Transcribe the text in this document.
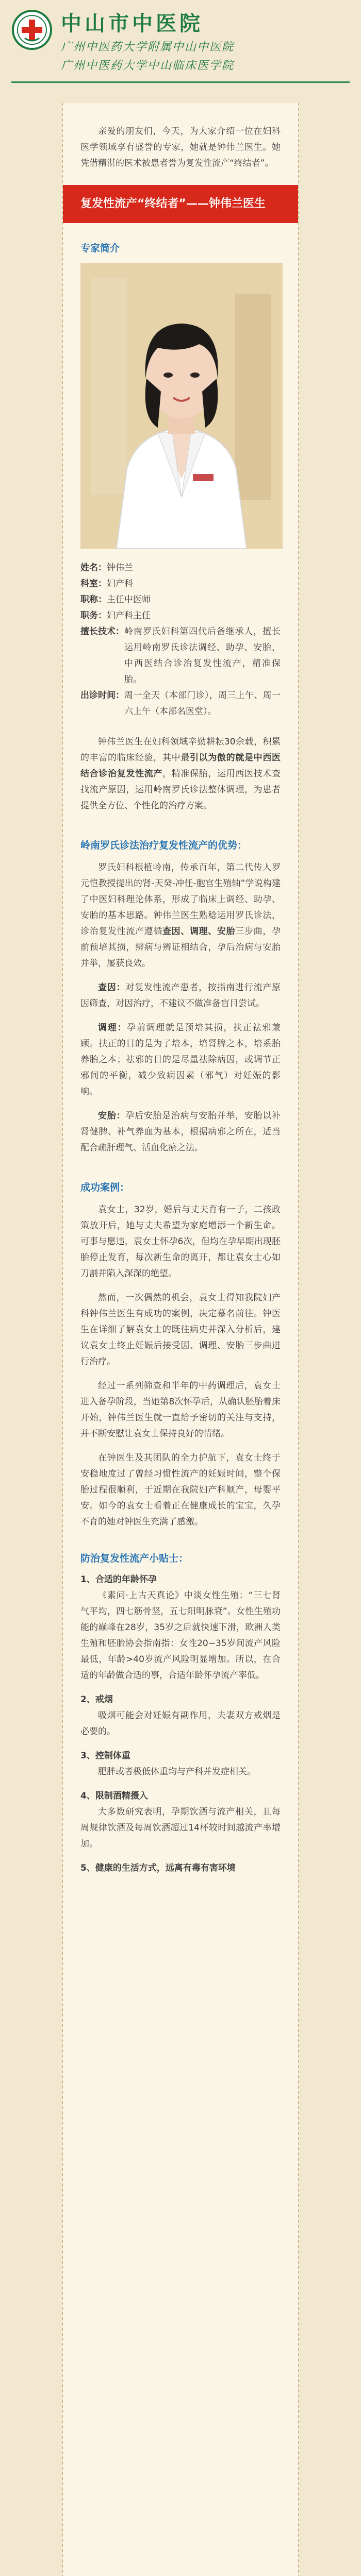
中山市中医院
广州中医药大学附属中山中医院
广州中医药大学中山临床医学院

亲爱的朋友们，今天，为大家介绍一位在妇科医学领域享有盛誉的专家，她就是钟伟兰医生。她凭借精湛的医术被患者誉为复发性流产“终结者”。

复发性流产“终结者”——钟伟兰医生

专家简介

姓名： 钟伟兰
科室： 妇产科
职称： 主任中医师
职务： 妇产科主任
擅长技术： 岭南罗氏妇科第四代后备继承人，擅长运用岭南罗氏诊法调经、助孕、安胎，中西医结合诊治复发性流产，精准保胎。
出诊时间： 周一全天（本部门诊），周三上午、周一六上午（本部名医堂）。

钟伟兰医生在妇科领域辛勤耕耘30余载，积累的丰富的临床经验，其中最引以为傲的就是中西医结合诊治复发性流产，精准保胎，运用西医技术查找流产原因，运用岭南罗氏诊法整体调理，为患者提供全方位、个性化的治疗方案。

岭南罗氏诊法治疗复发性流产的优势：

罗氏妇科根植岭南，传承百年，第二代传人罗元恺教授提出的肾-天癸-冲任-胞宫生殖轴”学说构建了中医妇科理论体系，形成了临床上调经、助孕、安胎的基本思路。钟伟兰医生熟稔运用罗氏诊法，诊治复发性流产遵循查因、调理、安胎三步曲，孕前预培其损，辨病与辨证相结合，孕后治病与安胎并举，屡获良效。

查因：对复发性流产患者，按指南进行流产原因筛查，对因治疗，不建议不做准备盲目尝试。

调理：孕前调理就是预培其损，扶正祛邪兼顾。扶正的目的是为了培本，培肾脾之本，培系胎养胎之本；祛邪的目的是尽量祛除病因，或调节正邪间的平衡，减少致病因素（邪气）对妊娠的影响。

安胎：孕后安胎是治病与安胎并举，安胎以补肾健脾、补气养血为基本，根据病邪之所在，适当配合疏肝理气、活血化瘀之法。

成功案例：

袁女士，32岁，婚后与丈夫育有一子，二孩政策放开后，她与丈夫希望为家庭增添一个新生命。可事与愿违，袁女士怀孕6次，但均在孕早期出现胚胎停止发育，每次新生命的离开，都让袁女士心如刀割并陷入深深的绝望。

然而，一次偶然的机会，袁女士得知我院妇产科钟伟兰医生有成功的案例，决定慕名前往。钟医生在详细了解袁女士的既往病史并深入分析后，建议袁女士终止妊娠后接受因、调理、安胎三步曲进行治疗。

经过一系列筛查和半年的中药调理后，袁女士进入备孕阶段，当她第8次怀孕后，从确认胚胎着床开始，钟伟兰医生就一直给予密切的关注与支持，并不断安慰让袁女士保持良好的情绪。

在钟医生及其团队的全力护航下，袁女士终于安稳地度过了曾经习惯性流产的妊娠时间，整个保胎过程很顺利，于近期在我院妇产科顺产，母婴平安。如今的袁女士看着正在健康成长的宝宝，久孕不育的她对钟医生充满了感激。

防治复发性流产小贴士：

1、合适的年龄怀孕

《素问·上古天真论》中谈女性生殖：“三七肾气平均，四七筋骨坚，五七阳明脉衰”。女性生殖功能的巅峰在28岁，35岁之后就快速下滑，欧洲人类生殖和胚胎协会指南指：女性20~35岁间流产风险最低，年龄>40岁流产风险明显增加。所以，在合适的年龄做合适的事，合适年龄怀孕流产率低。

2、戒烟

吸烟可能会对妊娠有副作用，夫妻双方戒烟是必要的。

3、控制体重

肥胖或者极低体重均与产科并发症相关。

4、限制酒精摄入

大多数研究表明，孕期饮酒与流产相关，且每周规律饮酒及每周饮酒超过14杯较时间越流产率增加。

5、健康的生活方式，远离有毒有害环境
